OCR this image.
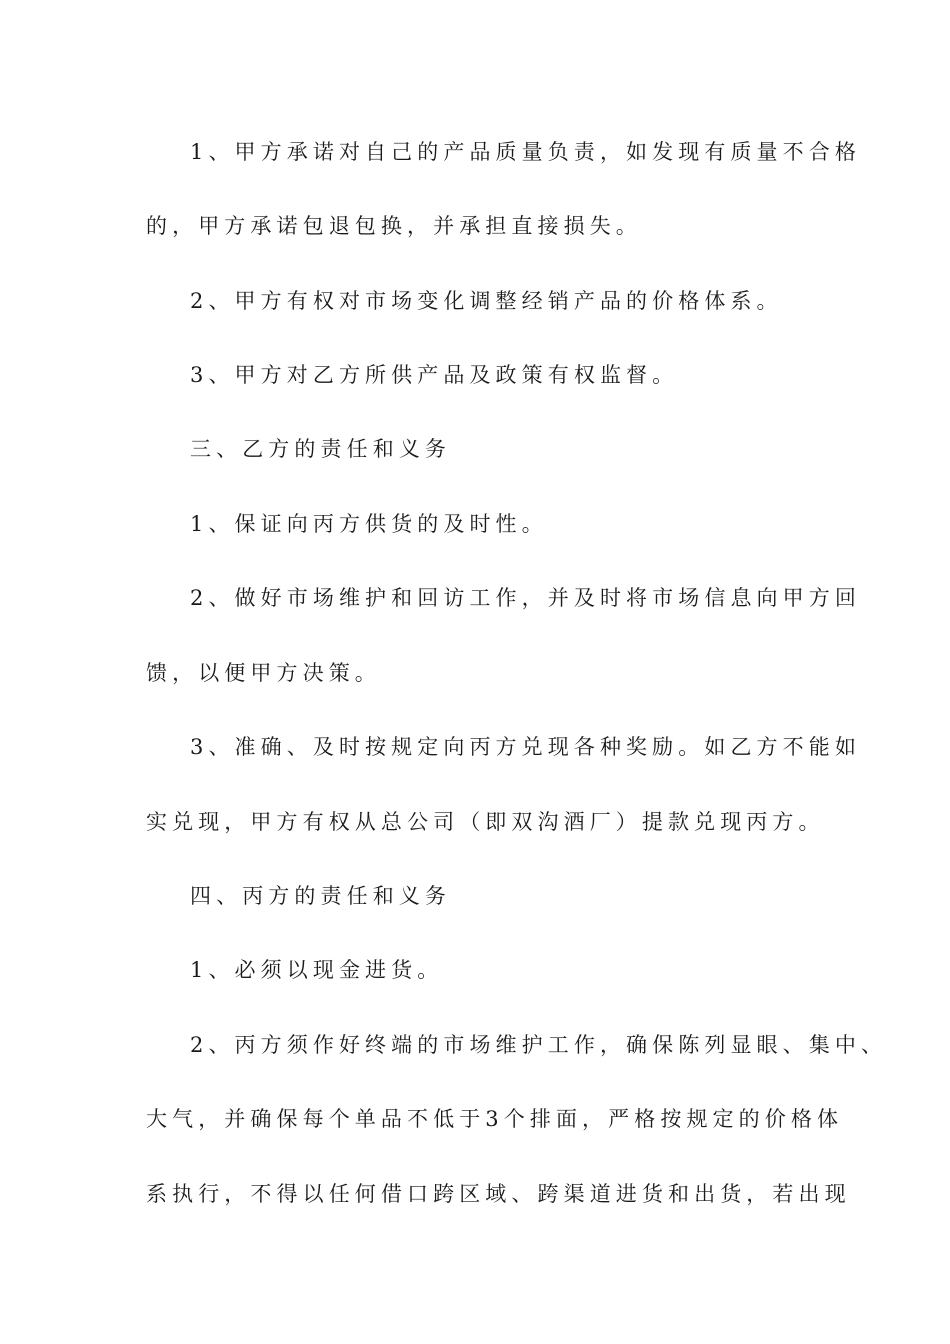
1、甲方承诺对自己的产品质量负责，如发现有质量不合格
的，甲方承诺包退包换，并承担直接损失。
2、甲方有权对市场变化调整经销产品的价格体系。
3、甲方对乙方所供产品及政策有权监督。
三、乙方的责任和义务
1、保证向丙方供货的及时性。
2、做好市场维护和回访工作，并及时将市场信息向甲方回
馈，以便甲方决策。
3、准确、及时按规定向丙方兑现各种奖励。如乙方不能如
实兑现，甲方有权从总公司（即双沟酒厂）提款兑现丙方。
四、丙方的责任和义务
1、必须以现金进货。
2、丙方须作好终端的市场维护工作，确保陈列显眼、集中、
大气，并确保每个单品不低于3个排面，严格按规定的价格体
系执行，不得以任何借口跨区域、跨渠道进货和出货，若出现
